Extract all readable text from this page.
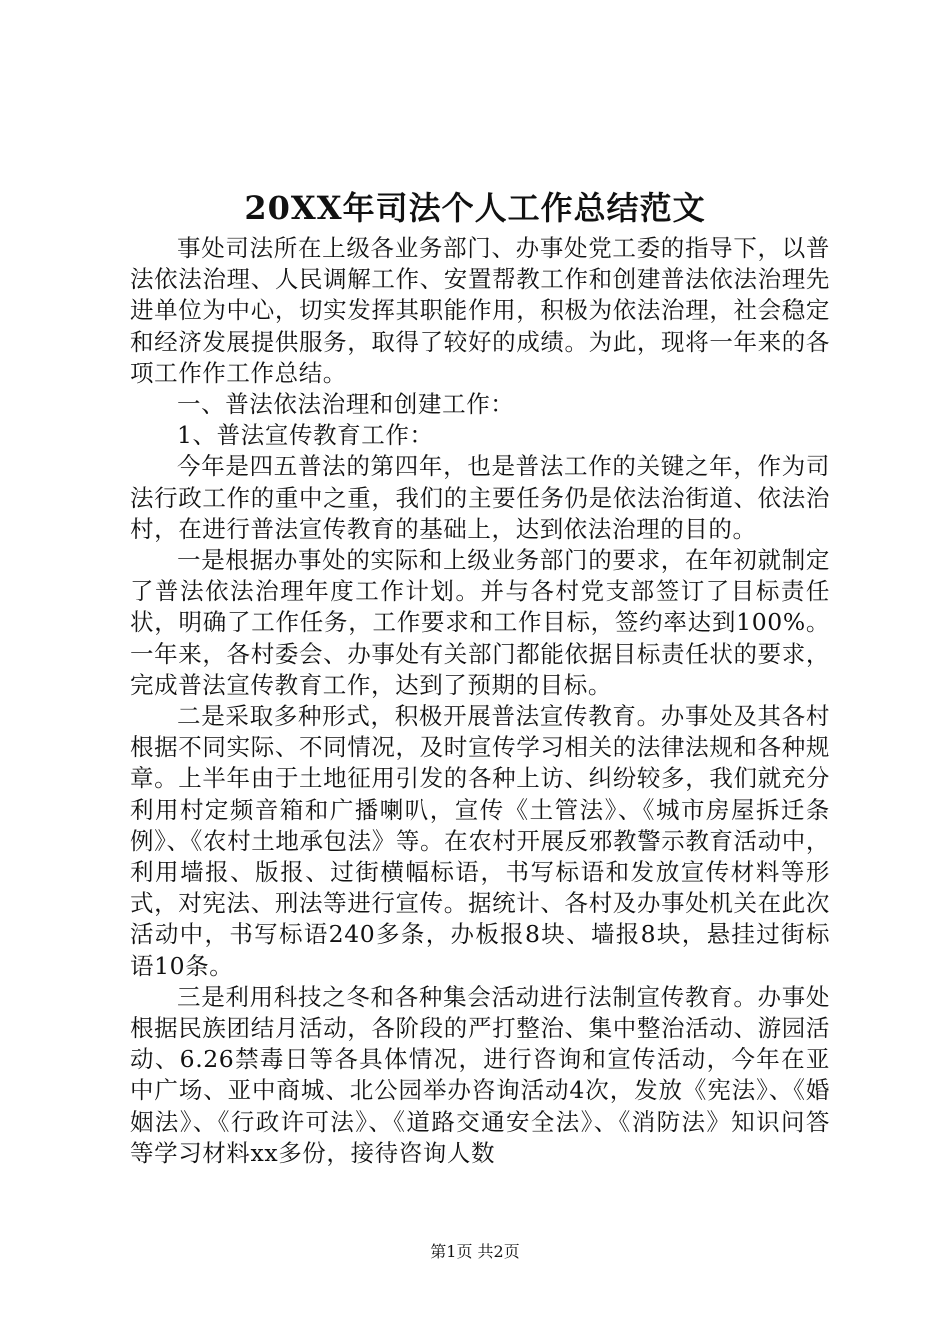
20XX年司法个人工作总结范文

事处司法所在上级各业务部门、办事处党工委的指导下，以普法依法治理、人民调解工作、安置帮教工作和创建普法依法治理先进单位为中心，切实发挥其职能作用，积极为依法治理，社会稳定和经济发展提供服务，取得了较好的成绩。为此，现将一年来的各项工作作工作总结。

一、普法依法治理和创建工作：

1、普法宣传教育工作：

今年是四五普法的第四年，也是普法工作的关键之年，作为司法行政工作的重中之重，我们的主要任务仍是依法治街道、依法治村，在进行普法宣传教育的基础上，达到依法治理的目的。

一是根据办事处的实际和上级业务部门的要求，在年初就制定了普法依法治理年度工作计划。并与各村党支部签订了目标责任状，明确了工作任务，工作要求和工作目标，签约率达到100%。一年来，各村委会、办事处有关部门都能依据目标责任状的要求，完成普法宣传教育工作，达到了预期的目标。

二是采取多种形式，积极开展普法宣传教育。办事处及其各村根据不同实际、不同情况，及时宣传学习相关的法律法规和各种规章。上半年由于土地征用引发的各种上访、纠纷较多，我们就充分利用村定频音箱和广播喇叭，宣传《土管法》、《城市房屋拆迁条例》、《农村土地承包法》等。在农村开展反邪教警示教育活动中，利用墙报、版报、过街横幅标语，书写标语和发放宣传材料等形式，对宪法、刑法等进行宣传。据统计、各村及办事处机关在此次活动中，书写标语240多条，办板报8块、墙报8块，悬挂过街标语10条。

三是利用科技之冬和各种集会活动进行法制宣传教育。办事处根据民族团结月活动，各阶段的严打整治、集中整治活动、游园活动、6.26禁毒日等各具体情况，进行咨询和宣传活动，今年在亚中广场、亚中商城、北公园举办咨询活动4次，发放《宪法》、《婚姻法》、《行政许可法》、《道路交通安全法》、《消防法》知识问答等学习材料xx多份，接待咨询人数

第1页 共2页
